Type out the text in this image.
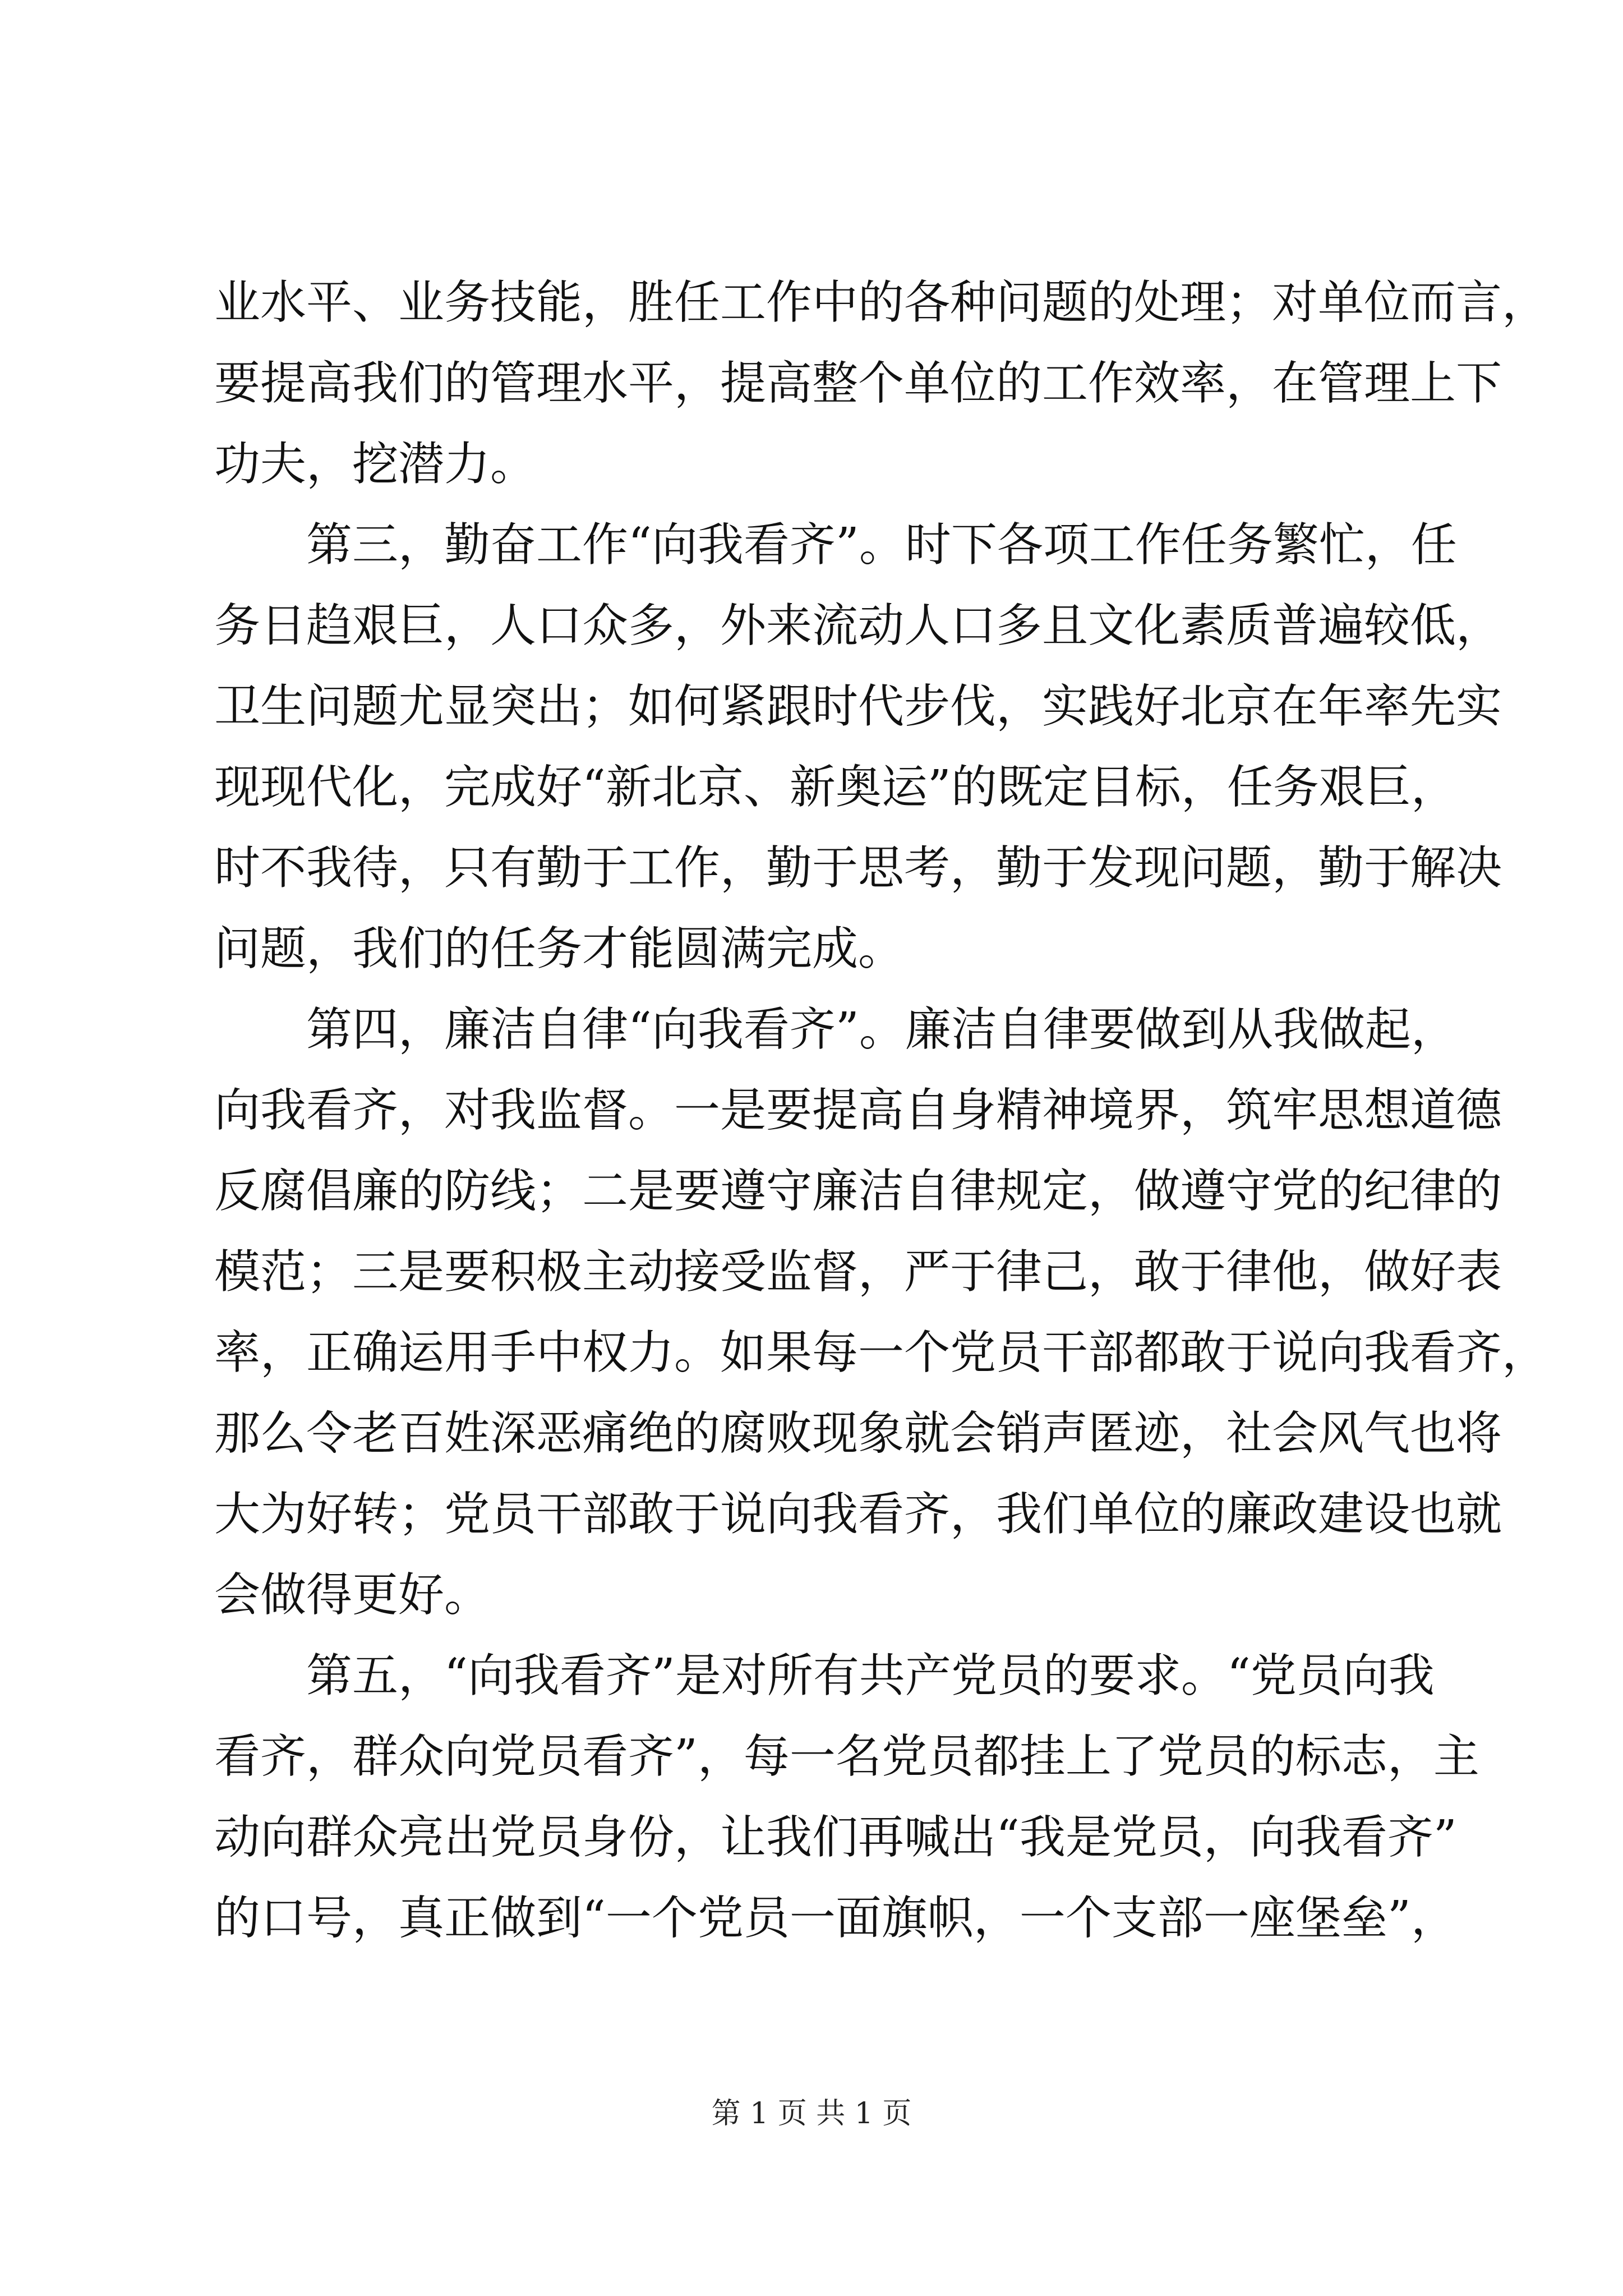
业水平、业务技能，胜任工作中的各种问题的处理；对单位而言，
要提高我们的管理水平，提高整个单位的工作效率，在管理上下
功夫，挖潜力。
第三，勤奋工作“向我看齐”。时下各项工作任务繁忙，任
务日趋艰巨，人口众多，外来流动人口多且文化素质普遍较低，
卫生问题尤显突出；如何紧跟时代步伐，实践好北京在年率先实
现现代化，完成好“新北京、新奥运”的既定目标，任务艰巨，
时不我待，只有勤于工作，勤于思考，勤于发现问题，勤于解决
问题，我们的任务才能圆满完成。
第四，廉洁自律“向我看齐”。廉洁自律要做到从我做起，
向我看齐，对我监督。一是要提高自身精神境界，筑牢思想道德
反腐倡廉的防线；二是要遵守廉洁自律规定，做遵守党的纪律的
模范；三是要积极主动接受监督，严于律己，敢于律他，做好表
率，正确运用手中权力。如果每一个党员干部都敢于说向我看齐，
那么令老百姓深恶痛绝的腐败现象就会销声匿迹，社会风气也将
大为好转；党员干部敢于说向我看齐，我们单位的廉政建设也就
会做得更好。
第五，“向我看齐”是对所有共产党员的要求。“党员向我
看齐，群众向党员看齐”，每一名党员都挂上了党员的标志，主
动向群众亮出党员身份，让我们再喊出“我是党员，向我看齐”
的口号，真正做到“一个党员一面旗帜，一个支部一座堡垒”，
第 1 页 共 1 页
